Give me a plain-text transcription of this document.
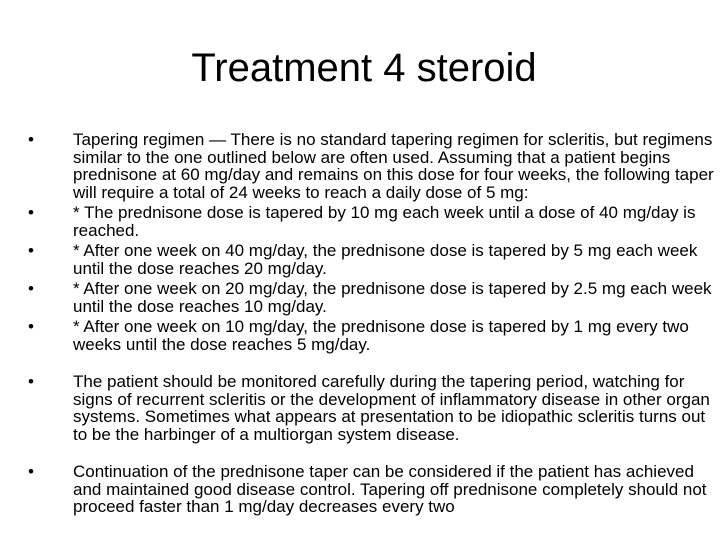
Treatment 4 steroid
•	Tapering regimen — There is no standard tapering regimen for scleritis, but regimens similar to the one outlined below are often used. Assuming that a patient begins prednisone at 60 mg/day and remains on this dose for four weeks, the following taper will require a total of 24 weeks to reach a daily dose of 5 mg:
•	* The prednisone dose is tapered by 10 mg each week until a dose of 40 mg/day is reached.
•	* After one week on 40 mg/day, the prednisone dose is tapered by 5 mg each week until the dose reaches 20 mg/day.
•	* After one week on 20 mg/day, the prednisone dose is tapered by 2.5 mg each week until the dose reaches 10 mg/day.
•	* After one week on 10 mg/day, the prednisone dose is tapered by 1 mg every two weeks until the dose reaches 5 mg/day.
•	The patient should be monitored carefully during the tapering period, watching for signs of recurrent scleritis or the development of inflammatory disease in other organ systems. Sometimes what appears at presentation to be idiopathic scleritis turns out to be the harbinger of a multiorgan system disease.
•	Continuation of the prednisone taper can be considered if the patient has achieved and maintained good disease control. Tapering off prednisone completely should not proceed faster than 1 mg/day decreases every two
